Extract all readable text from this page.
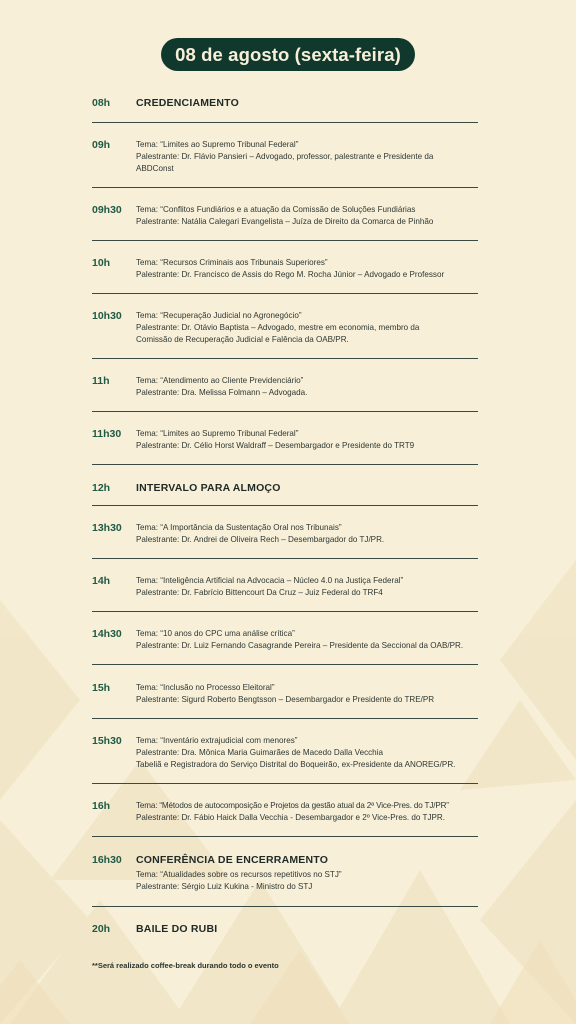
08 de agosto (sexta-feira)
08h	CREDENCIAMENTO
09h	Tema: “Limites ao Supremo Tribunal Federal”
Palestrante: Dr. Flávio Pansieri – Advogado, professor, palestrante e Presidente da
ABDConst
09h30	Tema: “Conflitos Fundiários e a atuação da Comissão de Soluções Fundiárias
Palestrante: Natália Calegari Evangelista – Juíza de Direito da Comarca de Pinhão
10h	Tema: “Recursos Criminais aos Tribunais Superiores”
Palestrante: Dr. Francisco de Assis do Rego M. Rocha Júnior – Advogado e Professor
10h30	Tema: “Recuperação Judicial no Agronegócio”
Palestrante: Dr. Otávio Baptista – Advogado, mestre em economia, membro da
Comissão de Recuperação Judicial e Falência da OAB/PR.
11h	Tema: “Atendimento ao Cliente Previdenciário”
Palestrante: Dra. Melissa Folmann – Advogada.
11h30	Tema: “Limites ao Supremo Tribunal Federal”
Palestrante: Dr. Célio Horst Waldraff – Desembargador e Presidente do TRT9
12h	INTERVALO PARA ALMOÇO
13h30	Tema: “A Importância da Sustentação Oral nos Tribunais”
Palestrante: Dr. Andrei de Oliveira Rech – Desembargador do TJ/PR.
14h	Tema: “Inteligência Artificial na Advocacia – Núcleo 4.0 na Justiça Federal”
Palestrante: Dr. Fabrício Bittencourt Da Cruz – Juiz Federal do TRF4
14h30	Tema: “10 anos do CPC uma análise crítica”
Palestrante: Dr. Luiz Fernando Casagrande Pereira – Presidente da Seccional da OAB/PR.
15h	Tema: “Inclusão no Processo Eleitoral”
Palestrante: Sigurd Roberto Bengtsson – Desembargador e Presidente do TRE/PR
15h30	Tema: “Inventário extrajudicial com menores”
Palestrante: Dra. Mônica Maria Guimarães de Macedo Dalla Vecchia
Tabeliã e Registradora do Serviço Distrital do Boqueirão, ex-Presidente da ANOREG/PR.
16h	Tema: “Métodos de autocomposição e Projetos da gestão atual da 2ª Vice-Pres. do TJ/PR”
Palestrante: Dr. Fábio Haick Dalla Vecchia - Desembargador e 2º Vice-Pres. do TJPR.
16h30	CONFERÊNCIA DE ENCERRAMENTO
Tema: “Atualidades sobre os recursos repetitivos no STJ”
Palestrante: Sérgio Luiz Kukina - Ministro do STJ
20h	BAILE DO RUBI
**Será realizado coffee-break durando todo o evento
